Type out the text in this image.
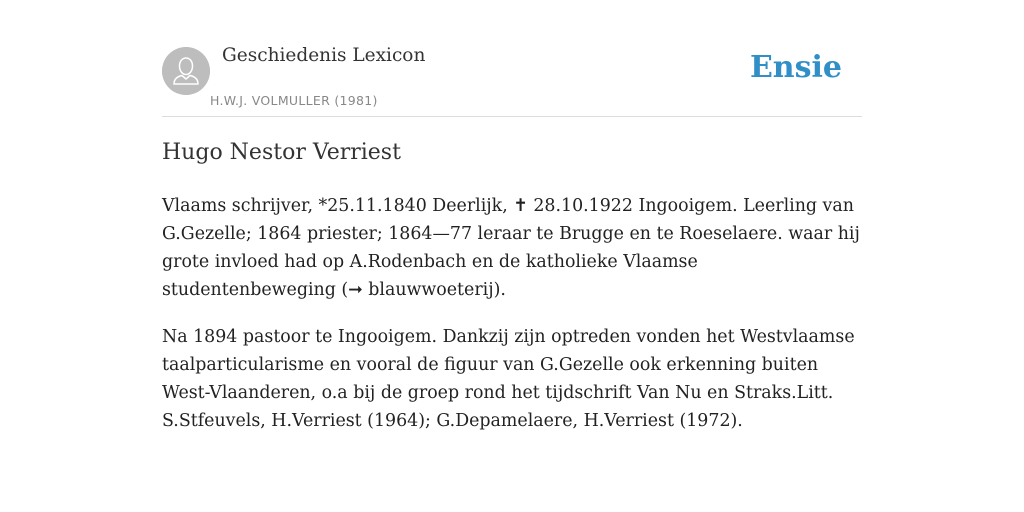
Geschiedenis Lexicon
H.W.J. VOLMULLER (1981)
Ensie
Hugo Nestor Verriest

Vlaams schrijver, *25.11.1840 Deerlijk, ✝ 28.10.1922 Ingooigem. Leerling van G.Gezelle; 1864 priester; 1864—77 leraar te Brugge en te Roeselaere. waar hij grote invloed had op A.Rodenbach en de katholieke Vlaamse studentenbeweging (➞ blauwwoeterij).

Na 1894 pastoor te Ingooigem. Dankzij zijn optreden vonden het Westvlaamse taalparticularisme en vooral de figuur van G.Gezelle ook erkenning buiten West-Vlaanderen, o.a bij de groep rond het tijdschrift Van Nu en Straks.Litt. S.Stfeuvels, H.Verriest (1964); G.Depamelaere, H.Verriest (1972).
